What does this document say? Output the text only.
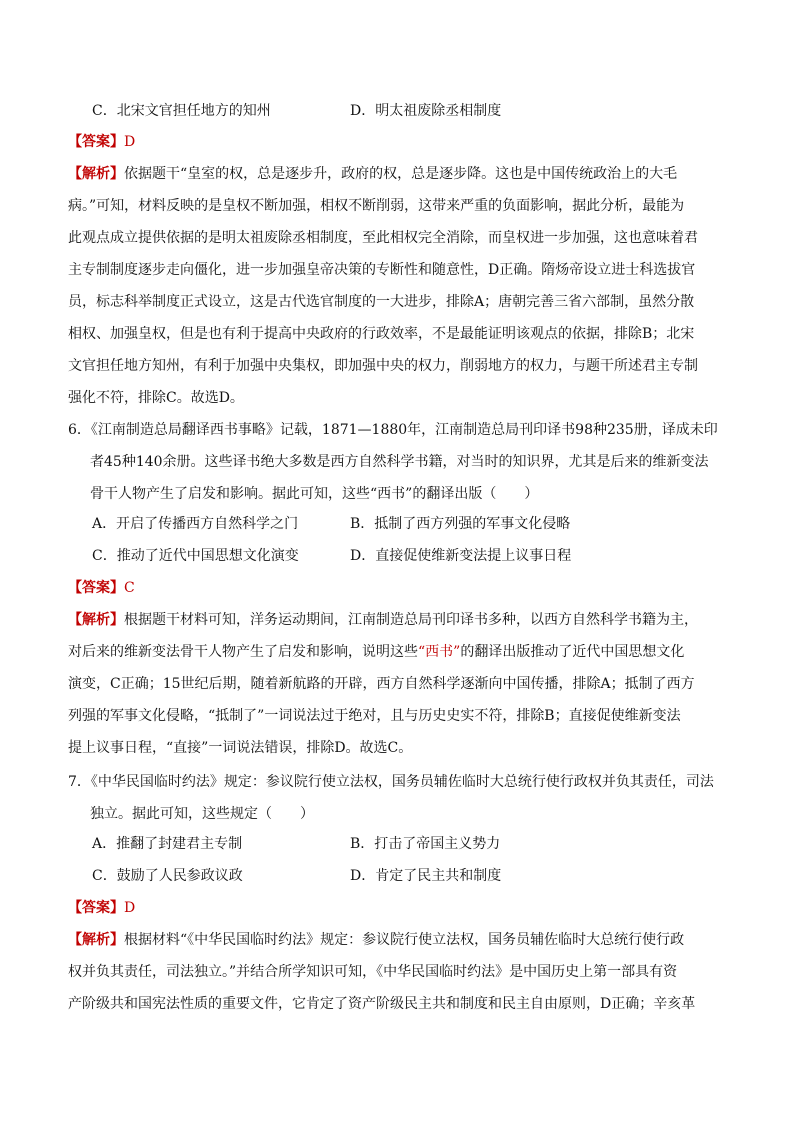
C．北宋文官担任地方的知州	D．明太祖废除丞相制度
【答案】D
【解析】依据题干“皇室的权，总是逐步升，政府的权，总是逐步降。这也是中国传统政治上的大毛
病。”可知，材料反映的是皇权不断加强，相权不断削弱，这带来严重的负面影响，据此分析，最能为
此观点成立提供依据的是明太祖废除丞相制度，至此相权完全消除，而皇权进一步加强，这也意味着君
主专制制度逐步走向僵化，进一步加强皇帝决策的专断性和随意性，D正确。隋炀帝设立进士科选拔官
员，标志科举制度正式设立，这是古代选官制度的一大进步，排除A；唐朝完善三省六部制，虽然分散
相权、加强皇权，但是也有利于提高中央政府的行政效率，不是最能证明该观点的依据，排除B；北宋
文官担任地方知州，有利于加强中央集权，即加强中央的权力，削弱地方的权力，与题干所述君主专制
强化不符，排除C。故选D。
6．《江南制造总局翻译西书事略》记载，1871—1880年，江南制造总局刊印译书98种235册，译成未印
者45种140余册。这些译书绝大多数是西方自然科学书籍，对当时的知识界，尤其是后来的维新变法
骨干人物产生了启发和影响。据此可知，这些“西书”的翻译出版（　　）
A．开启了传播西方自然科学之门	B．抵制了西方列强的军事文化侵略
C．推动了近代中国思想文化演变	D．直接促使维新变法提上议事日程
【答案】C
【解析】根据题干材料可知，洋务运动期间，江南制造总局刊印译书多种，以西方自然科学书籍为主，
对后来的维新变法骨干人物产生了启发和影响，说明这些“西书”的翻译出版推动了近代中国思想文化
演变，C正确；15世纪后期，随着新航路的开辟，西方自然科学逐渐向中国传播，排除A；抵制了西方
列强的军事文化侵略，“抵制了”一词说法过于绝对，且与历史史实不符，排除B；直接促使维新变法
提上议事日程，“直接”一词说法错误，排除D。故选C。
7．《中华民国临时约法》规定：参议院行使立法权，国务员辅佐临时大总统行使行政权并负其责任，司法
独立。据此可知，这些规定（　　）
A．推翻了封建君主专制	B．打击了帝国主义势力
C．鼓励了人民参政议政	D．肯定了民主共和制度
【答案】D
【解析】根据材料“《中华民国临时约法》规定：参议院行使立法权，国务员辅佐临时大总统行使行政
权并负其责任，司法独立。”并结合所学知识可知，《中华民国临时约法》是中国历史上第一部具有资
产阶级共和国宪法性质的重要文件，它肯定了资产阶级民主共和制度和民主自由原则，D正确；辛亥革
